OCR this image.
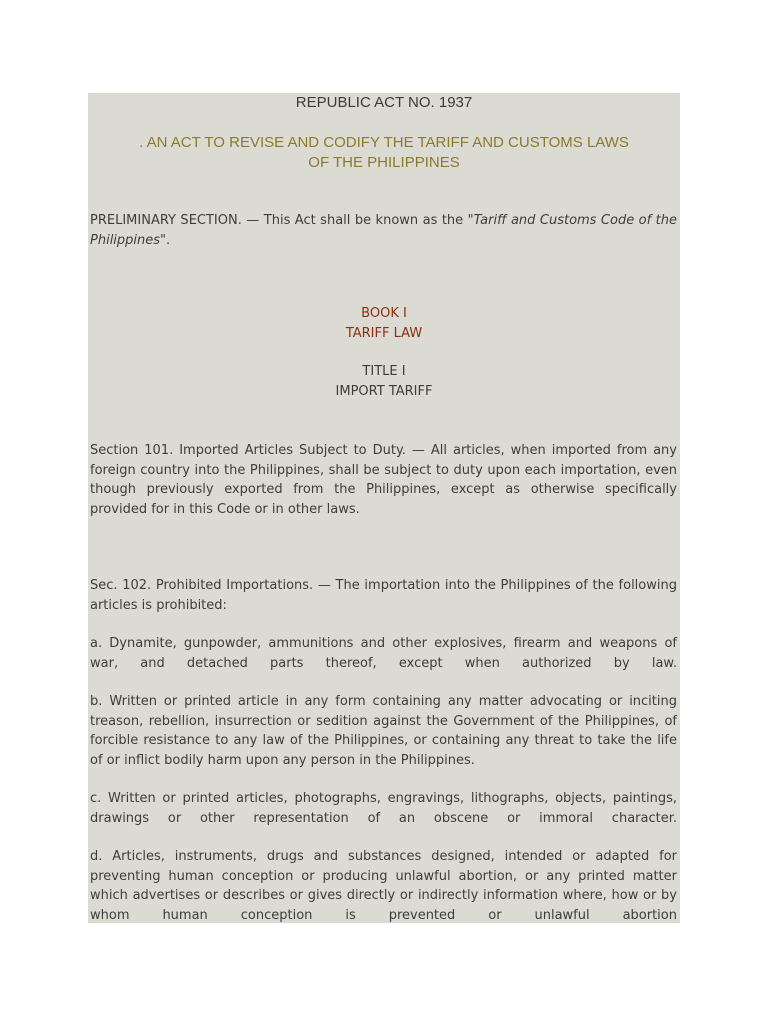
REPUBLIC ACT NO. 1937
. AN ACT TO REVISE AND CODIFY THE TARIFF AND CUSTOMS LAWS
OF THE PHILIPPINES
PRELIMINARY SECTION. — This Act shall be known as the "Tariff and Customs Code of the Philippines".
BOOK I
TARIFF LAW
TITLE I
IMPORT TARIFF
Section 101. Imported Articles Subject to Duty. — All articles, when imported from any foreign country into the Philippines, shall be subject to duty upon each importation, even though previously exported from the Philippines, except as otherwise specifically provided for in this Code or in other laws.
Sec. 102. Prohibited Importations. — The importation into the Philippines of the following articles is prohibited:
a. Dynamite, gunpowder, ammunitions and other explosives, firearm and weapons of war, and detached parts thereof, except when authorized by law.
b. Written or printed article in any form containing any matter advocating or inciting treason, rebellion, insurrection or sedition against the Government of the Philippines, of forcible resistance to any law of the Philippines, or containing any threat to take the life of or inflict bodily harm upon any person in the Philippines.
c. Written or printed articles, photographs, engravings, lithographs, objects, paintings, drawings or other representation of an obscene or immoral character.
d. Articles, instruments, drugs and substances designed, intended or adapted for preventing human conception or producing unlawful abortion, or any printed matter which advertises or describes or gives directly or indirectly information where, how or by whom human conception is prevented or unlawful abortion
